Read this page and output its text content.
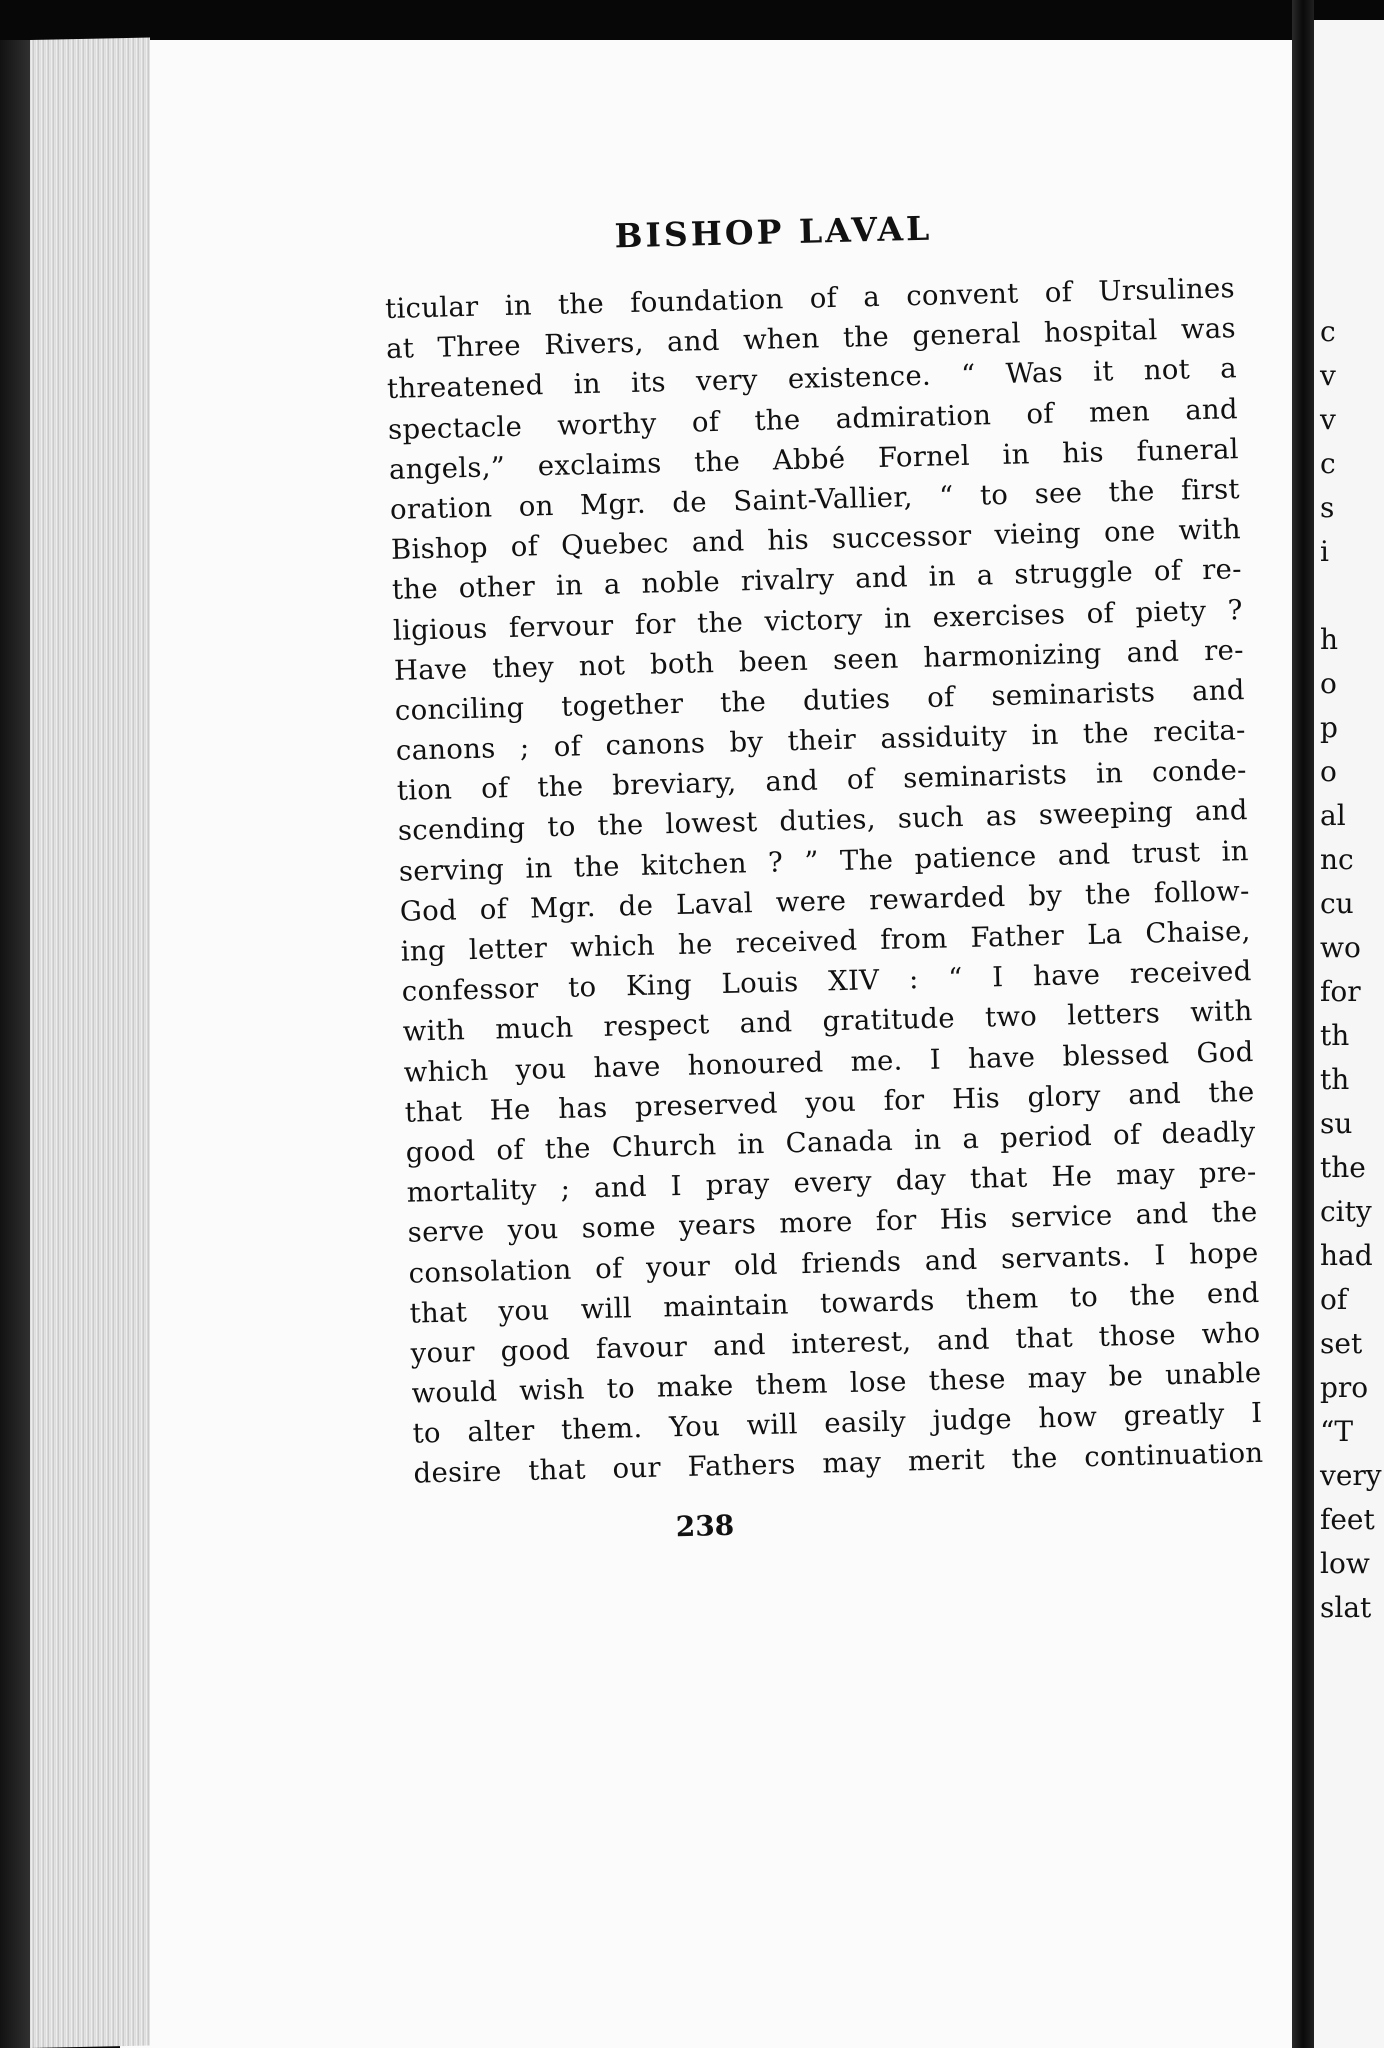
c
v
v
c
s
i
h
o
p
o
al
nc
cu
wo
for
th
th
su
the
city
had
of
set
pro
“T
very
feet
low
slat
BISHOP LAVAL
ticular in the foundation of a convent of Ursulines
at Three Rivers, and when the general hospital was
threatened in its very existence. “ Was it not a
spectacle worthy of the admiration of men and
angels,” exclaims the Abbé Fornel in his funeral
oration on Mgr. de Saint-Vallier, “ to see the first
Bishop of Quebec and his successor vieing one with
the other in a noble rivalry and in a struggle of re-
ligious fervour for the victory in exercises of piety ?
Have they not both been seen harmonizing and re-
conciling together the duties of seminarists and
canons ; of canons by their assiduity in the recita-
tion of the breviary, and of seminarists in conde-
scending to the lowest duties, such as sweeping and
serving in the kitchen ? ” The patience and trust in
God of Mgr. de Laval were rewarded by the follow-
ing letter which he received from Father La Chaise,
confessor to King Louis XIV : “ I have received
with much respect and gratitude two letters with
which you have honoured me. I have blessed God
that He has preserved you for His glory and the
good of the Church in Canada in a period of deadly
mortality ; and I pray every day that He may pre-
serve you some years more for His service and the
consolation of your old friends and servants. I hope
that you will maintain towards them to the end
your good favour and interest, and that those who
would wish to make them lose these may be unable
to alter them. You will easily judge how greatly I
desire that our Fathers may merit the continuation
238
